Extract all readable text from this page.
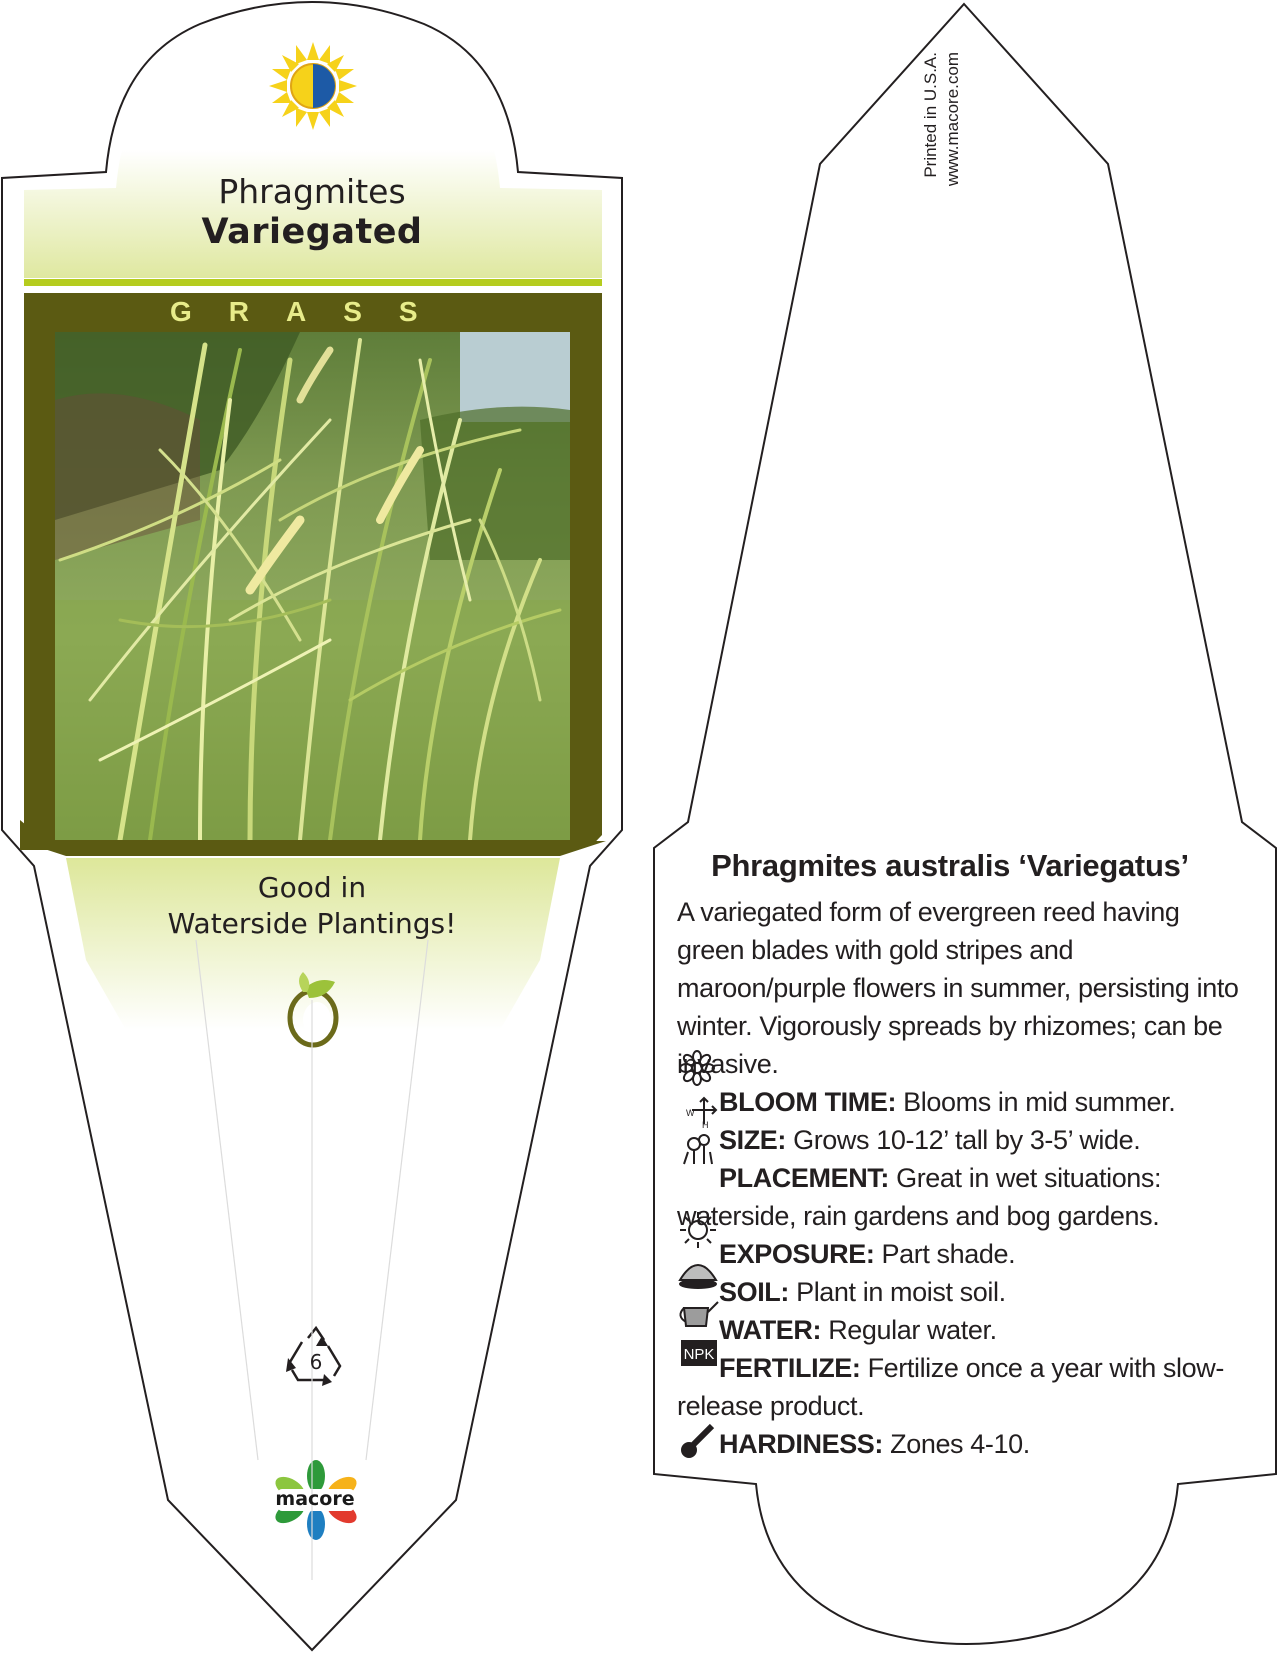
NPK
W
H
Phragmites
Variegated
GRASS
Good in
Waterside Plantings!
6
macore
Printed in U.S.A. www.macore.com
Phragmites australis ‘Variegatus’

A variegated form of evergreen reed having green blades with gold stripes and maroon/purple flowers in summer, persisting into winter. Vigorously spreads by rhizomes; can be invasive.

BLOOM TIME: Blooms in mid summer.

SIZE: Grows 10-12’ tall by 3-5’ wide.

PLACEMENT: Great in wet situations: waterside, rain gardens and bog gardens.

EXPOSURE: Part shade.

SOIL: Plant in moist soil.

WATER: Regular water.

FERTILIZE: Fertilize once a year with slow-release product.

HARDINESS: Zones 4-10.
